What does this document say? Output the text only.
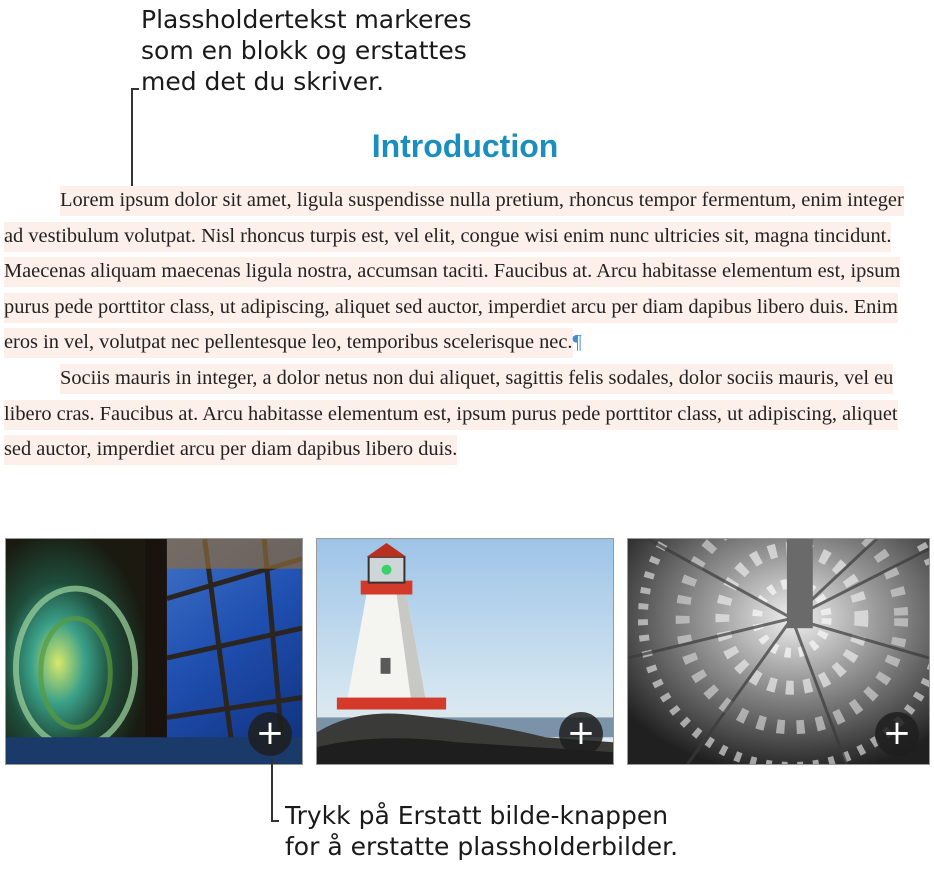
Plassholdertekst markeres
som en blokk og erstattes
med det du skriver.
Introduction

Lorem ipsum dolor sit amet, ligula suspendisse nulla pretium, rhoncus tempor fermentum, enim integer ad vestibulum volutpat. Nisl rhoncus turpis est, vel elit, congue wisi enim nunc ultricies sit, magna tincidunt. Maecenas aliquam maecenas ligula nostra, accumsan taciti. Faucibus at. Arcu habitasse elementum est, ipsum purus pede porttitor class, ut adipiscing, aliquet sed auctor, imperdiet arcu per diam dapibus libero duis. Enim eros in vel, volutpat nec pellentesque leo, temporibus scelerisque nec.¶

Sociis mauris in integer, a dolor netus non dui aliquet, sagittis felis sodales, dolor sociis mauris, vel eu libero cras. Faucibus at. Arcu habitasse elementum est, ipsum purus pede porttitor class, ut adipiscing, aliquet sed auctor, imperdiet arcu per diam dapibus libero duis.

+	+	+
Trykk på Erstatt bilde-knappen
for å erstatte plassholderbilder.
